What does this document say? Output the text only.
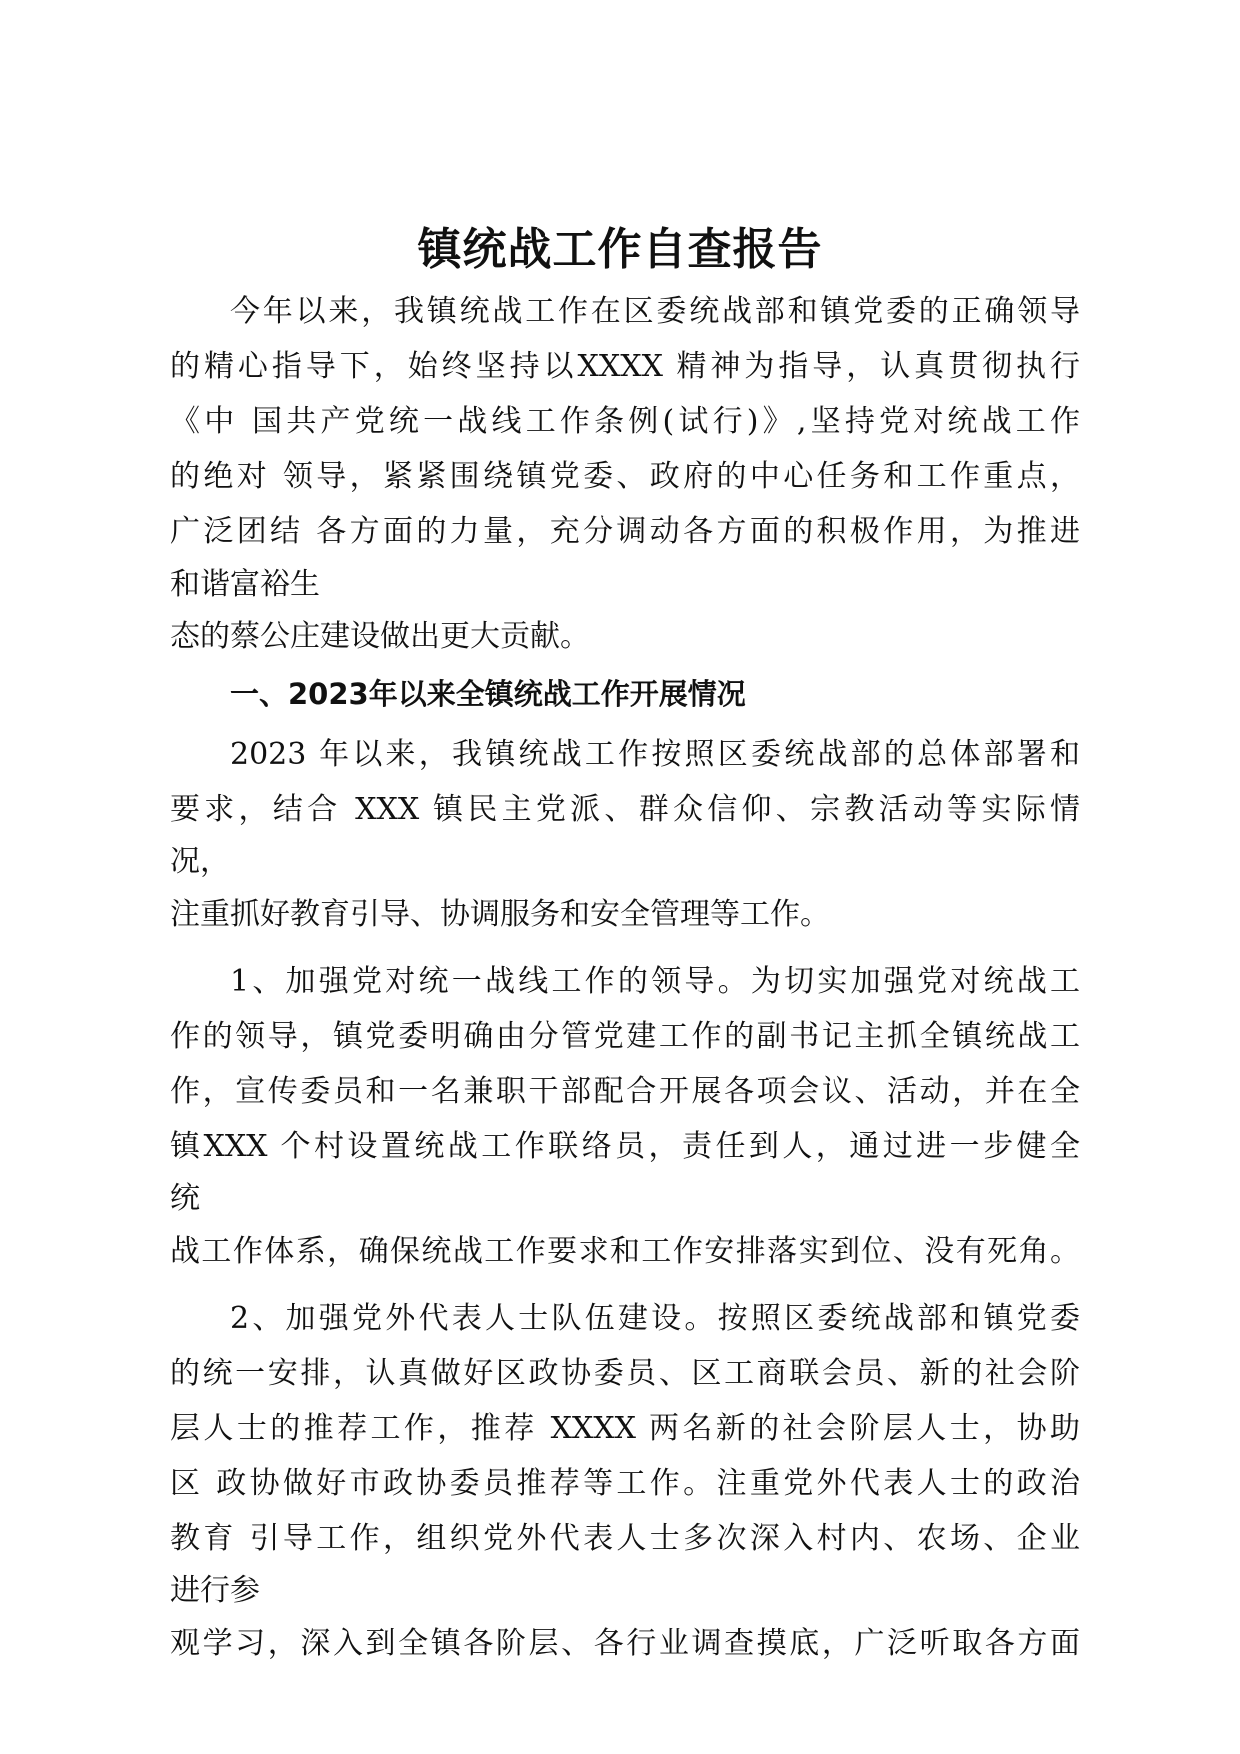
镇统战工作自查报告
今年以来，我镇统战工作在区委统战部和镇党委的正确领导
的精心指导下，始终坚持以XXXX 精神为指导，认真贯彻执行
《中 国共产党统一战线工作条例(试行)》,坚持党对统战工作
的绝对 领导，紧紧围绕镇党委、政府的中心任务和工作重点，
广泛团结 各方面的力量，充分调动各方面的积极作用，为推进
和谐富裕生
态的蔡公庄建设做出更大贡献。
一、2023年以来全镇统战工作开展情况
2023 年以来，我镇统战工作按照区委统战部的总体部署和
要求，结合 XXX 镇民主党派、群众信仰、宗教活动等实际情
况，
注重抓好教育引导、协调服务和安全管理等工作。
1、加强党对统一战线工作的领导。为切实加强党对统战工
作的领导，镇党委明确由分管党建工作的副书记主抓全镇统战工
作，宣传委员和一名兼职干部配合开展各项会议、活动，并在全
镇XXX 个村设置统战工作联络员，责任到人，通过进一步健全
统
战工作体系，确保统战工作要求和工作安排落实到位、没有死角。
2、加强党外代表人士队伍建设。按照区委统战部和镇党委
的统一安排，认真做好区政协委员、区工商联会员、新的社会阶
层人士的推荐工作，推荐 XXXX 两名新的社会阶层人士，协助
区 政协做好市政协委员推荐等工作。注重党外代表人士的政治
教育 引导工作，组织党外代表人士多次深入村内、农场、企业
进行参
观学习，深入到全镇各阶层、各行业调查摸底，广泛听取各方面
